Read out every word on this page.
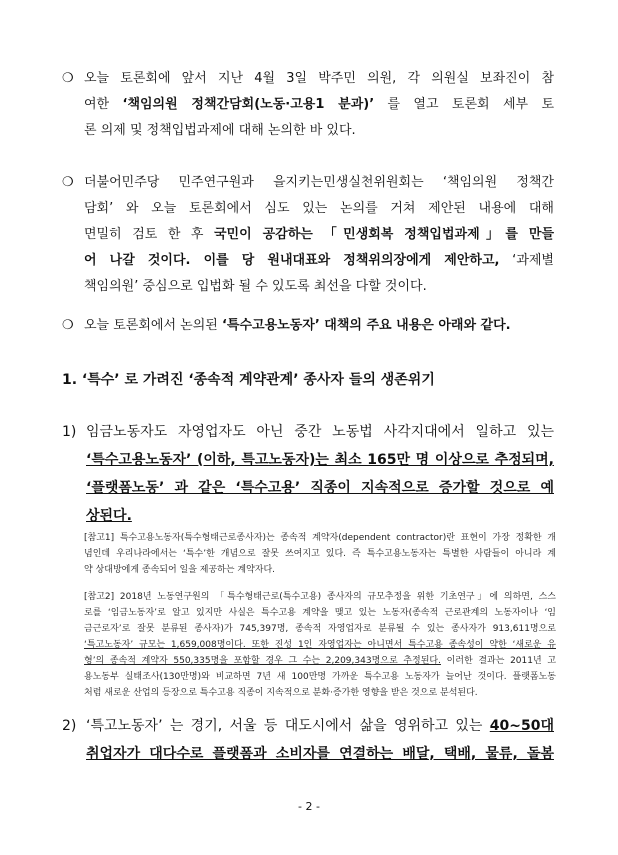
❍ 오늘 토론회에 앞서 지난 4월 3일 박주민 의원, 각 의원실 보좌진이 참
여한 ‘책임의원 정책간담회(노동·고용1 분과)’ 를 열고 토론회 세부 토
론 의제 및 정책입법과제에 대해 논의한 바 있다.
❍ 더불어민주당 민주연구원과 을지키는민생실천위원회는 ‘책임의원 정책간
담회’ 와 오늘 토론회에서 심도 있는 논의를 거쳐 제안된 내용에 대해
면밀히 검토 한 후 국민이 공감하는 「민생회복 정책입법과제」를 만들
어 나갈 것이다. 이를 당 원내대표와 정책위의장에게 제안하고, ‘과제별
책임의원’ 중심으로 입법화 될 수 있도록 최선을 다할 것이다.
❍ 오늘 토론회에서 논의된 ‘특수고용노동자’ 대책의 주요 내용은 아래와 같다.
1. ‘특수’ 로 가려진 ‘종속적 계약관계’ 종사자 들의 생존위기
1) 임금노동자도 자영업자도 아닌 중간 노동법 사각지대에서 일하고 있는
‘특수고용노동자’ (이하, 특고노동자)는 최소 165만 명 이상으로 추정되며,
‘플랫폼노동’ 과 같은 ‘특수고용’ 직종이 지속적으로 증가할 것으로 예
상된다.
[참고1] 특수고용노동자(특수형태근로종사자)는 종속적 계약자(dependent contractor)란 표현이 가장 정확한 개
념인데 우리나라에서는 ‘특수’한 개념으로 잘못 쓰여지고 있다. 즉 특수고용노동자는 특별한 사람들이 아니라 계
약 상대방에게 종속되어 일을 제공하는 계약자다.
[참고2] 2018년 노동연구원의 「특수형태근로(특수고용) 종사자의 규모추정을 위한 기초연구」에 의하면, 스스
로를 ‘임금노동자’로 알고 있지만 사실은 특수고용 계약을 맺고 있는 노동자(종속적 근로관계의 노동자이나 ‘임
금근로자’로 잘못 분류된 종사자)가 745,397명, 종속적 자영업자로 분류될 수 있는 종사자가 913,611명으로
‘특고노동자’ 규모는 1,659,008명이다. 또한 진성 1인 자영업자는 아니면서 특수고용 종속성이 약한 ‘새로운 유
형’의 종속적 계약자 550,335명을 포함할 경우 그 수는 2,209,343명으로 추정된다. 이러한 결과는 2011년 고
용노동부 실태조사(130만명)와 비교하면 7년 새 100만명 가까운 특수고용 노동자가 늘어난 것이다. 플랫폼노동
처럼 새로운 산업의 등장으로 특수고용 직종이 지속적으로 분화·증가한 영향을 받은 것으로 분석된다.
2) ‘특고노동자’ 는 경기, 서울 등 대도시에서 삶을 영위하고 있는 40~50대
취업자가 대다수로 플랫폼과 소비자를 연결하는 배달, 택배, 물류, 돌봄
- 2 -
